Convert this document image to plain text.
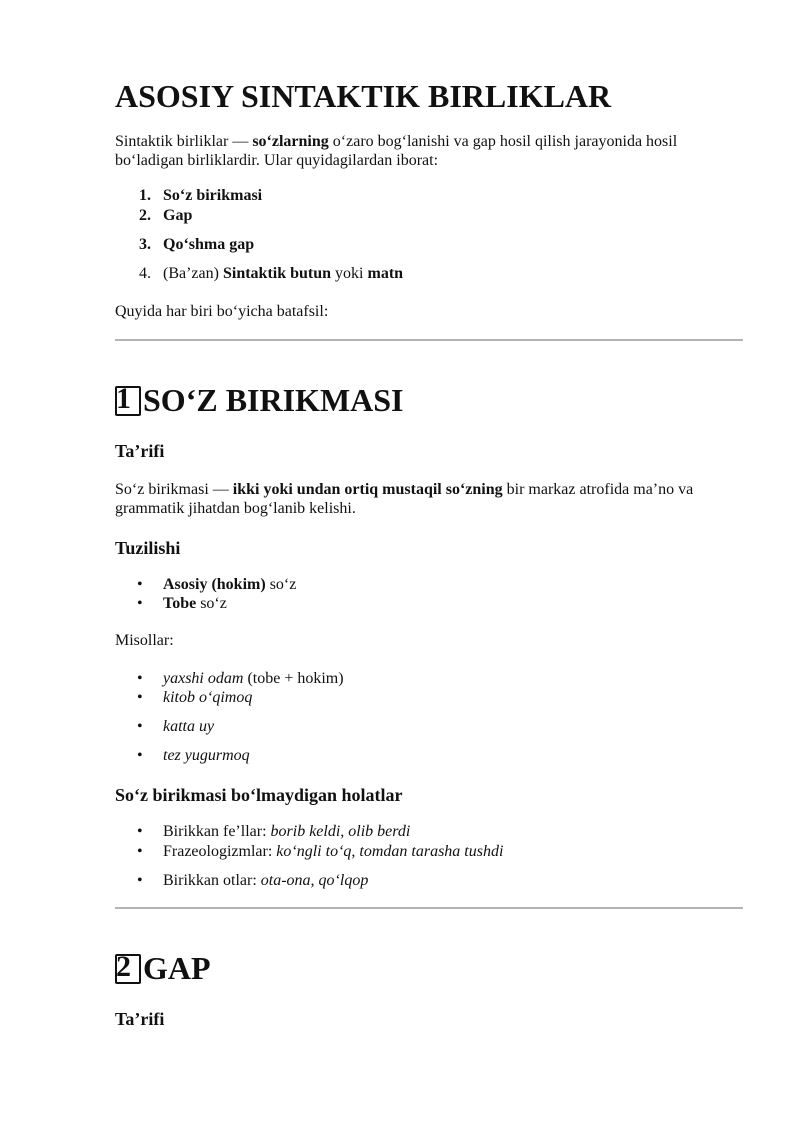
ASOSIY SINTAKTIK BIRLIKLAR

Sintaktik birliklar — so‘zlarning o‘zaro bog‘lanishi va gap hosil qilish jarayonida hosil bo‘ladigan birliklardir. Ular quyidagilardan iborat:

1. So‘z birikmasi
2. Gap
3. Qo‘shma gap
4. (Ba’zan) Sintaktik butun yoki matn

Quyida har biri bo‘yicha batafsil:

1 SO‘Z BIRIKMASI
Ta’rifi

So‘z birikmasi — ikki yoki undan ortiq mustaqil so‘zning bir markaz atrofida ma’no va grammatik jihatdan bog‘lanib kelishi.

Tuzilishi
• Asosiy (hokim) so‘z
• Tobe so‘z

Misollar:

• yaxshi odam (tobe + hokim)
• kitob o‘qimoq
• katta uy
• tez yugurmoq
So‘z birikmasi bo‘lmaydigan holatlar
• Birikkan fe’llar: borib keldi, olib berdi
• Frazeologizmlar: ko‘ngli to‘q, tomdan tarasha tushdi
• Birikkan otlar: ota-ona, qo‘lqop
2 GAP
Ta’rifi
